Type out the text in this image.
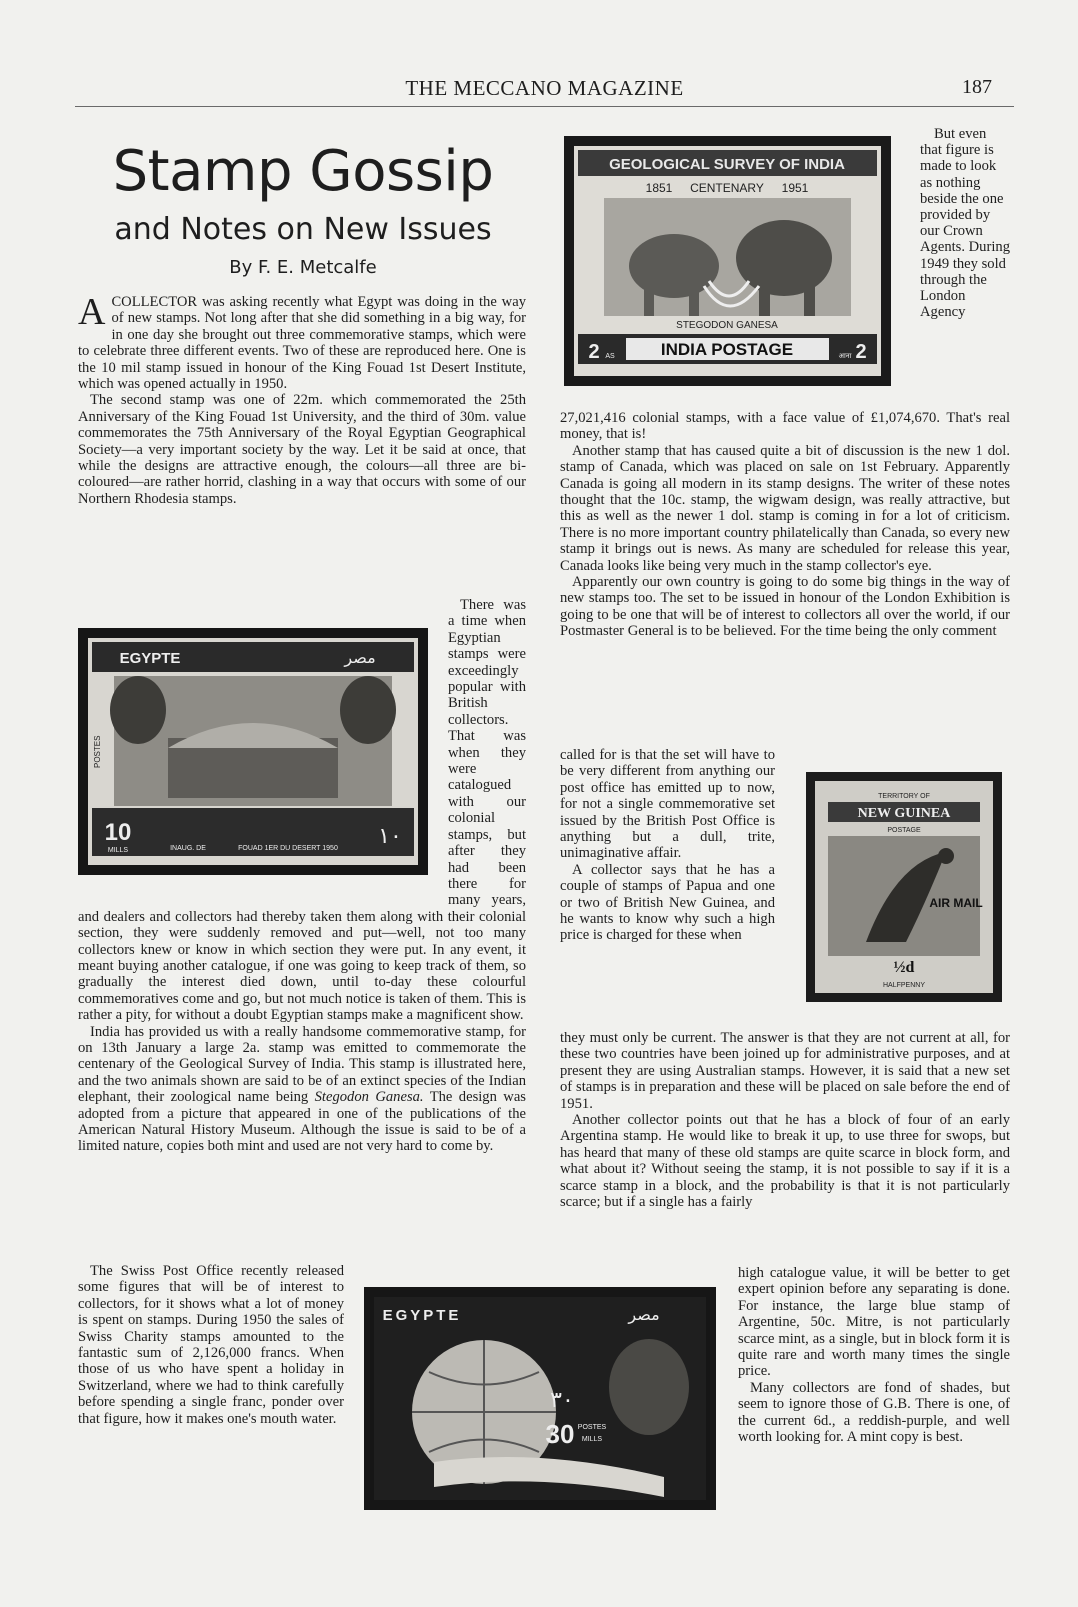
THE MECCANO MAGAZINE	187
Stamp Gossip
and Notes on New Issues
By F. E. Metcalfe

ACOLLECTOR was asking recently what Egypt was doing in the way of new stamps. Not long after that she did something in a big way, for in one day she brought out three commemorative stamps, which were to celebrate three different events. Two of these are reproduced here. One is the 10 mil stamp issued in honour of the King Fouad 1st Desert Institute, which was opened actually in 1950.

The second stamp was one of 22m. which commemorated the 25th Anniversary of the King Fouad 1st University, and the third of 30m. value commemorates the 75th Anniversary of the Royal Egyptian Geographical Society—a very important society by the way. Let it be said at once, that while the designs are attractive enough, the colours—all three are bi-coloured—are rather horrid, clashing in a way that occurs with some of our Northern Rhodesia stamps.

There was a time when Egyptian stamps were exceedingly popular with British collectors. That was when they were catalogued with our colonial stamps, but after they had been there for many years, and dealers and collectors had thereby taken them along with their colonial section, they were suddenly removed and put—well, not too many collectors knew or know in which section they were put. In any event, it meant buying another catalogue, if one was going to keep track of them, so gradually the interest died down, until to-day these colourful commemoratives come and go, but not much notice is taken of them. This is rather a pity, for without a doubt Egyptian stamps make a magnificent show.

India has provided us with a really handsome commemorative stamp, for on 13th January a large 2a. stamp was emitted to commemorate the centenary of the Geological Survey of India. This stamp is illustrated here, and the two animals shown are said to be of an extinct species of the Indian elephant, their zoological name being Stegodon Ganesa. The design was adopted from a picture that appeared in one of the publications of the American Natural History Museum. Although the issue is said to be of a limited nature, copies both mint and used are not very hard to come by.

The Swiss Post Office recently released some figures that will be of interest to collectors, for it shows what a lot of money is spent on stamps. During 1950 the sales of Swiss Charity stamps amounted to the fantastic sum of 2,126,000 francs. When those of us who have spent a holiday in Switzerland, where we had to think carefully before spending a single franc, ponder over that figure, how it makes one's mouth water.

But even that figure is made to look as nothing beside the one provided by our Crown Agents. During 1949 they sold through the London Agency

27,021,416 colonial stamps, with a face value of £1,074,670. That's real money, that is!

Another stamp that has caused quite a bit of discussion is the new 1 dol. stamp of Canada, which was placed on sale on 1st February. Apparently Canada is going all modern in its stamp designs. The writer of these notes thought that the 10c. stamp, the wigwam design, was really attractive, but this as well as the newer 1 dol. stamp is coming in for a lot of criticism. There is no more important country philatelically than Canada, so every new stamp it brings out is news. As many are scheduled for release this year, Canada looks like being very much in the stamp collector's eye.

Apparently our own country is going to do some big things in the way of new stamps too. The set to be issued in honour of the London Exhibition is going to be one that will be of interest to collectors all over the world, if our Postmaster General is to be believed. For the time being the only comment

called for is that the set will have to be very different from anything our post office has emitted up to now, for not a single commemorative set issued by the British Post Office is anything but a dull, trite, unimaginative affair.

A collector says that he has a couple of stamps of Papua and one or two of British New Guinea, and he wants to know why such a high price is charged for these when

they must only be current. The answer is that they are not current at all, for these two countries have been joined up for administrative purposes, and at present they are using Australian stamps. However, it is said that a new set of stamps is in preparation and these will be placed on sale before the end of 1951.

Another collector points out that he has a block of four of an early Argentina stamp. He would like to break it up, to use three for swops, but has heard that many of these old stamps are quite scarce in block form, and what about it? Without seeing the stamp, it is not possible to say if it is a scarce stamp in a block, and the probability is that it is not particularly scarce; but if a single has a fairly

high catalogue value, it will be better to get expert opinion before any separating is done. For instance, the large blue stamp of Argentine, 50c. Mitre, is not particularly scarce mint, as a single, but in block form it is quite rare and worth many times the single price.

Many collectors are fond of shades, but seem to ignore those of G.B. There is one, of the current 6d., a reddish-purple, and well worth looking for. A mint copy is best.

GEOLOGICAL SURVEY OF INDIA
1851 CENTENARY 1951
STEGODON GANESA
INDIA POSTAGE
2	2
AS	आना
EGYPTE	مصر
POSTES
10
MILLS
١٠
INAUG. DE	FOUAD 1ER DU DESERT 1950
TERRITORY OF
NEW GUINEA
POSTAGE
AIR MAIL
½d
HALFPENNY
EGYPTE	مصر
٣٠
30 POSTES
MILLS
